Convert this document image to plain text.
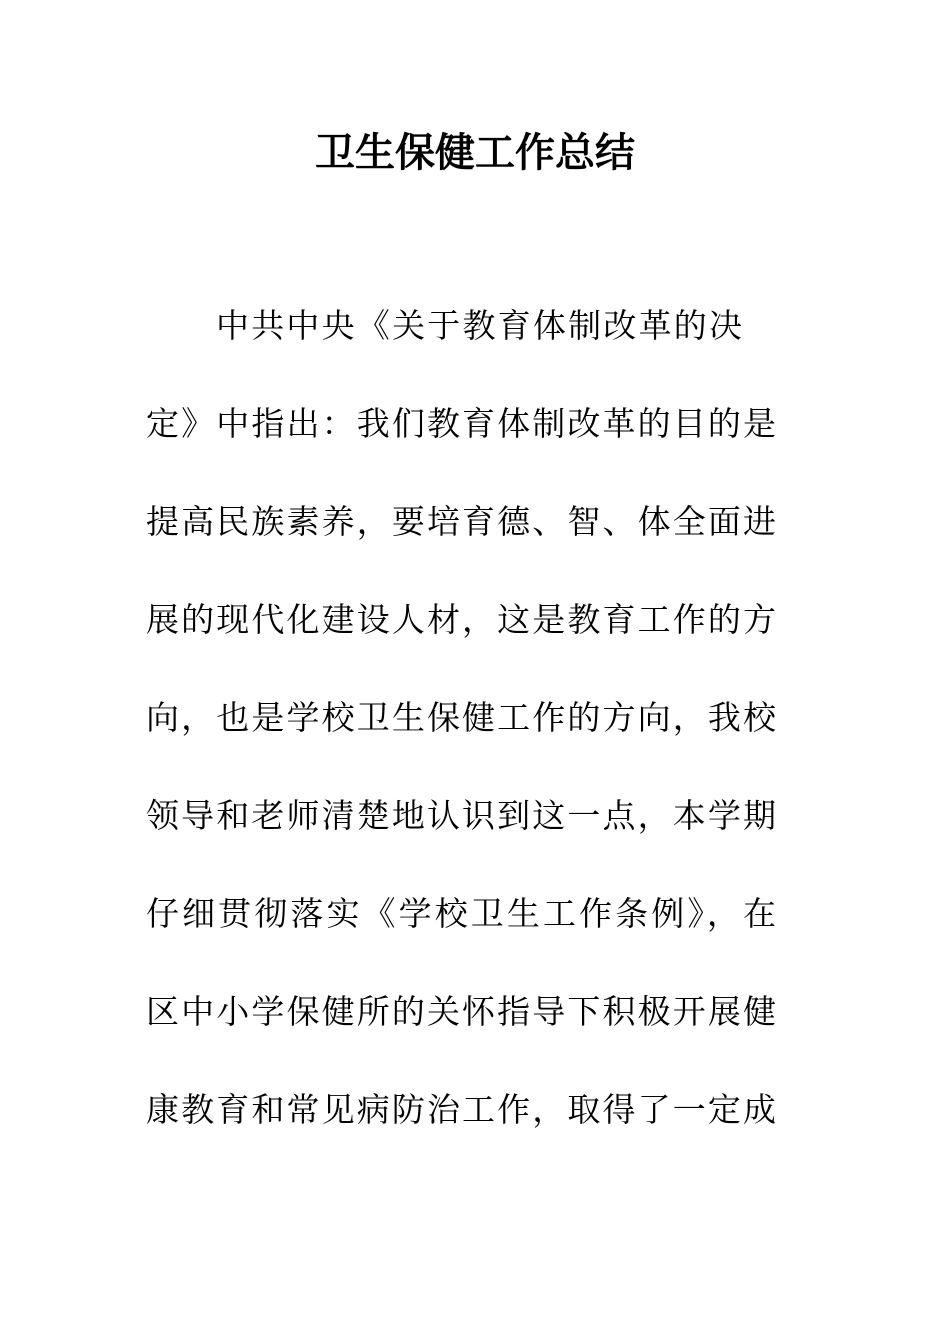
卫生保健工作总结

中共中央《关于教育体制改革的决

定》中指出：我们教育体制改革的目的是

提高民族素养，要培育德、智、体全面进

展的现代化建设人材，这是教育工作的方

向，也是学校卫生保健工作的方向，我校

领导和老师清楚地认识到这一点，本学期

仔细贯彻落实《学校卫生工作条例》，在

区中小学保健所的关怀指导下积极开展健

康教育和常见病防治工作，取得了一定成
